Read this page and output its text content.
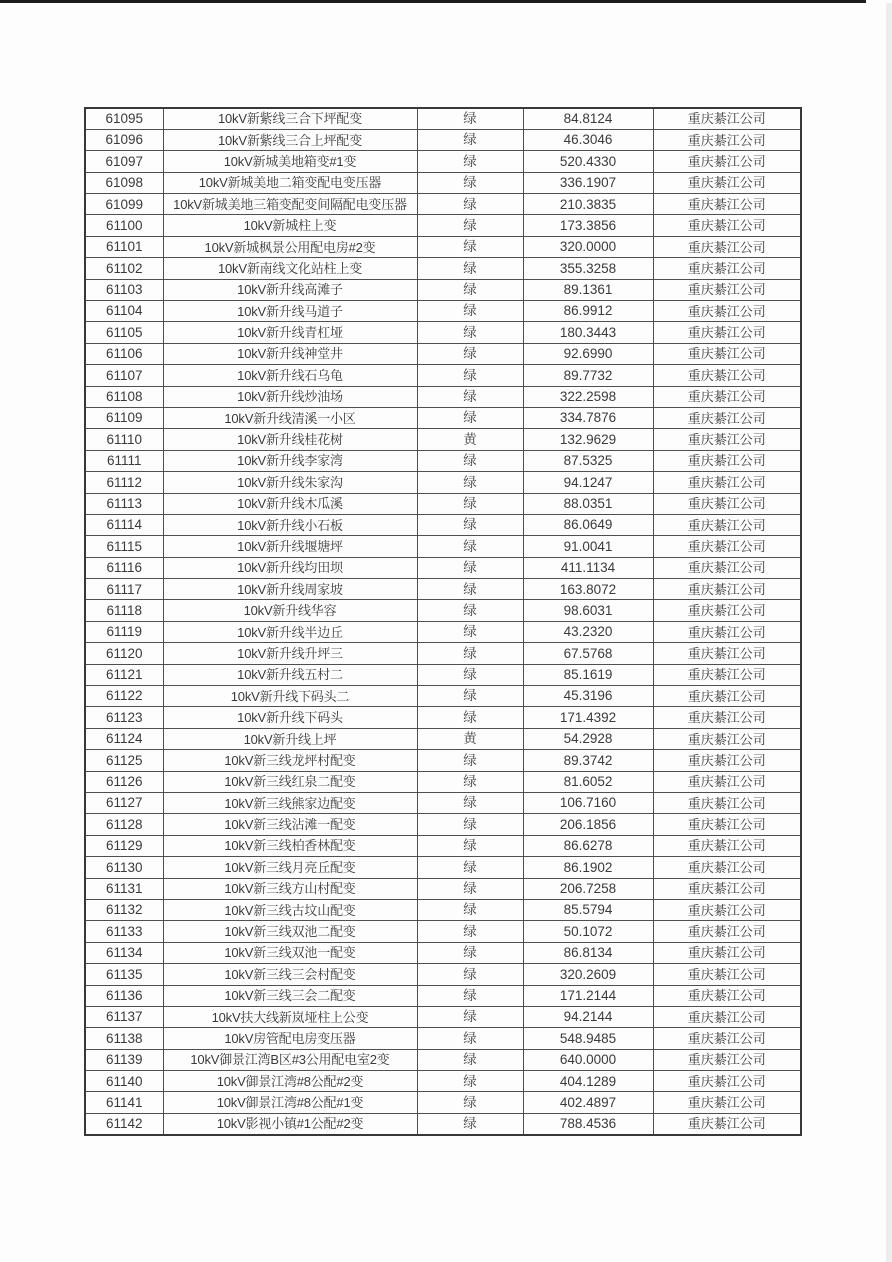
61095	10kV新紫线三合下坪配变	绿	84.8124	重庆綦江公司
61096	10kV新紫线三合上坪配变	绿	46.3046	重庆綦江公司
61097	10kV新城美地箱变#1变	绿	520.4330	重庆綦江公司
61098	10kV新城美地二箱变配电变压器	绿	336.1907	重庆綦江公司
61099	10kV新城美地三箱变配变间隔配电变压器	绿	210.3835	重庆綦江公司
61100	10kV新城柱上变	绿	173.3856	重庆綦江公司
61101	10kV新城枫景公用配电房#2变	绿	320.0000	重庆綦江公司
61102	10kV新南线文化站柱上变	绿	355.3258	重庆綦江公司
61103	10kV新升线高滩子	绿	89.1361	重庆綦江公司
61104	10kV新升线马道子	绿	86.9912	重庆綦江公司
61105	10kV新升线青杠垭	绿	180.3443	重庆綦江公司
61106	10kV新升线神堂井	绿	92.6990	重庆綦江公司
61107	10kV新升线石乌龟	绿	89.7732	重庆綦江公司
61108	10kV新升线炒油场	绿	322.2598	重庆綦江公司
61109	10kV新升线清溪一小区	绿	334.7876	重庆綦江公司
61110	10kV新升线桂花树	黄	132.9629	重庆綦江公司
61111	10kV新升线李家湾	绿	87.5325	重庆綦江公司
61112	10kV新升线朱家沟	绿	94.1247	重庆綦江公司
61113	10kV新升线木瓜溪	绿	88.0351	重庆綦江公司
61114	10kV新升线小石板	绿	86.0649	重庆綦江公司
61115	10kV新升线堰塘坪	绿	91.0041	重庆綦江公司
61116	10kV新升线均田坝	绿	411.1134	重庆綦江公司
61117	10kV新升线周家坡	绿	163.8072	重庆綦江公司
61118	10kV新升线华容	绿	98.6031	重庆綦江公司
61119	10kV新升线半边丘	绿	43.2320	重庆綦江公司
61120	10kV新升线升坪三	绿	67.5768	重庆綦江公司
61121	10kV新升线五村二	绿	85.1619	重庆綦江公司
61122	10kV新升线下码头二	绿	45.3196	重庆綦江公司
61123	10kV新升线下码头	绿	171.4392	重庆綦江公司
61124	10kV新升线上坪	黄	54.2928	重庆綦江公司
61125	10kV新三线龙坪村配变	绿	89.3742	重庆綦江公司
61126	10kV新三线红泉二配变	绿	81.6052	重庆綦江公司
61127	10kV新三线熊家边配变	绿	106.7160	重庆綦江公司
61128	10kV新三线沾滩一配变	绿	206.1856	重庆綦江公司
61129	10kV新三线柏香林配变	绿	86.6278	重庆綦江公司
61130	10kV新三线月亮丘配变	绿	86.1902	重庆綦江公司
61131	10kV新三线方山村配变	绿	206.7258	重庆綦江公司
61132	10kV新三线古坟山配变	绿	85.5794	重庆綦江公司
61133	10kV新三线双池二配变	绿	50.1072	重庆綦江公司
61134	10kV新三线双池一配变	绿	86.8134	重庆綦江公司
61135	10kV新三线三会村配变	绿	320.2609	重庆綦江公司
61136	10kV新三线三会二配变	绿	171.2144	重庆綦江公司
61137	10kV扶大线新岚垭柱上公变	绿	94.2144	重庆綦江公司
61138	10kV房管配电房变压器	绿	548.9485	重庆綦江公司
61139	10kV御景江湾B区#3公用配电室2变	绿	640.0000	重庆綦江公司
61140	10kV御景江湾#8公配#2变	绿	404.1289	重庆綦江公司
61141	10kV御景江湾#8公配#1变	绿	402.4897	重庆綦江公司
61142	10kV影视小镇#1公配#2变	绿	788.4536	重庆綦江公司
